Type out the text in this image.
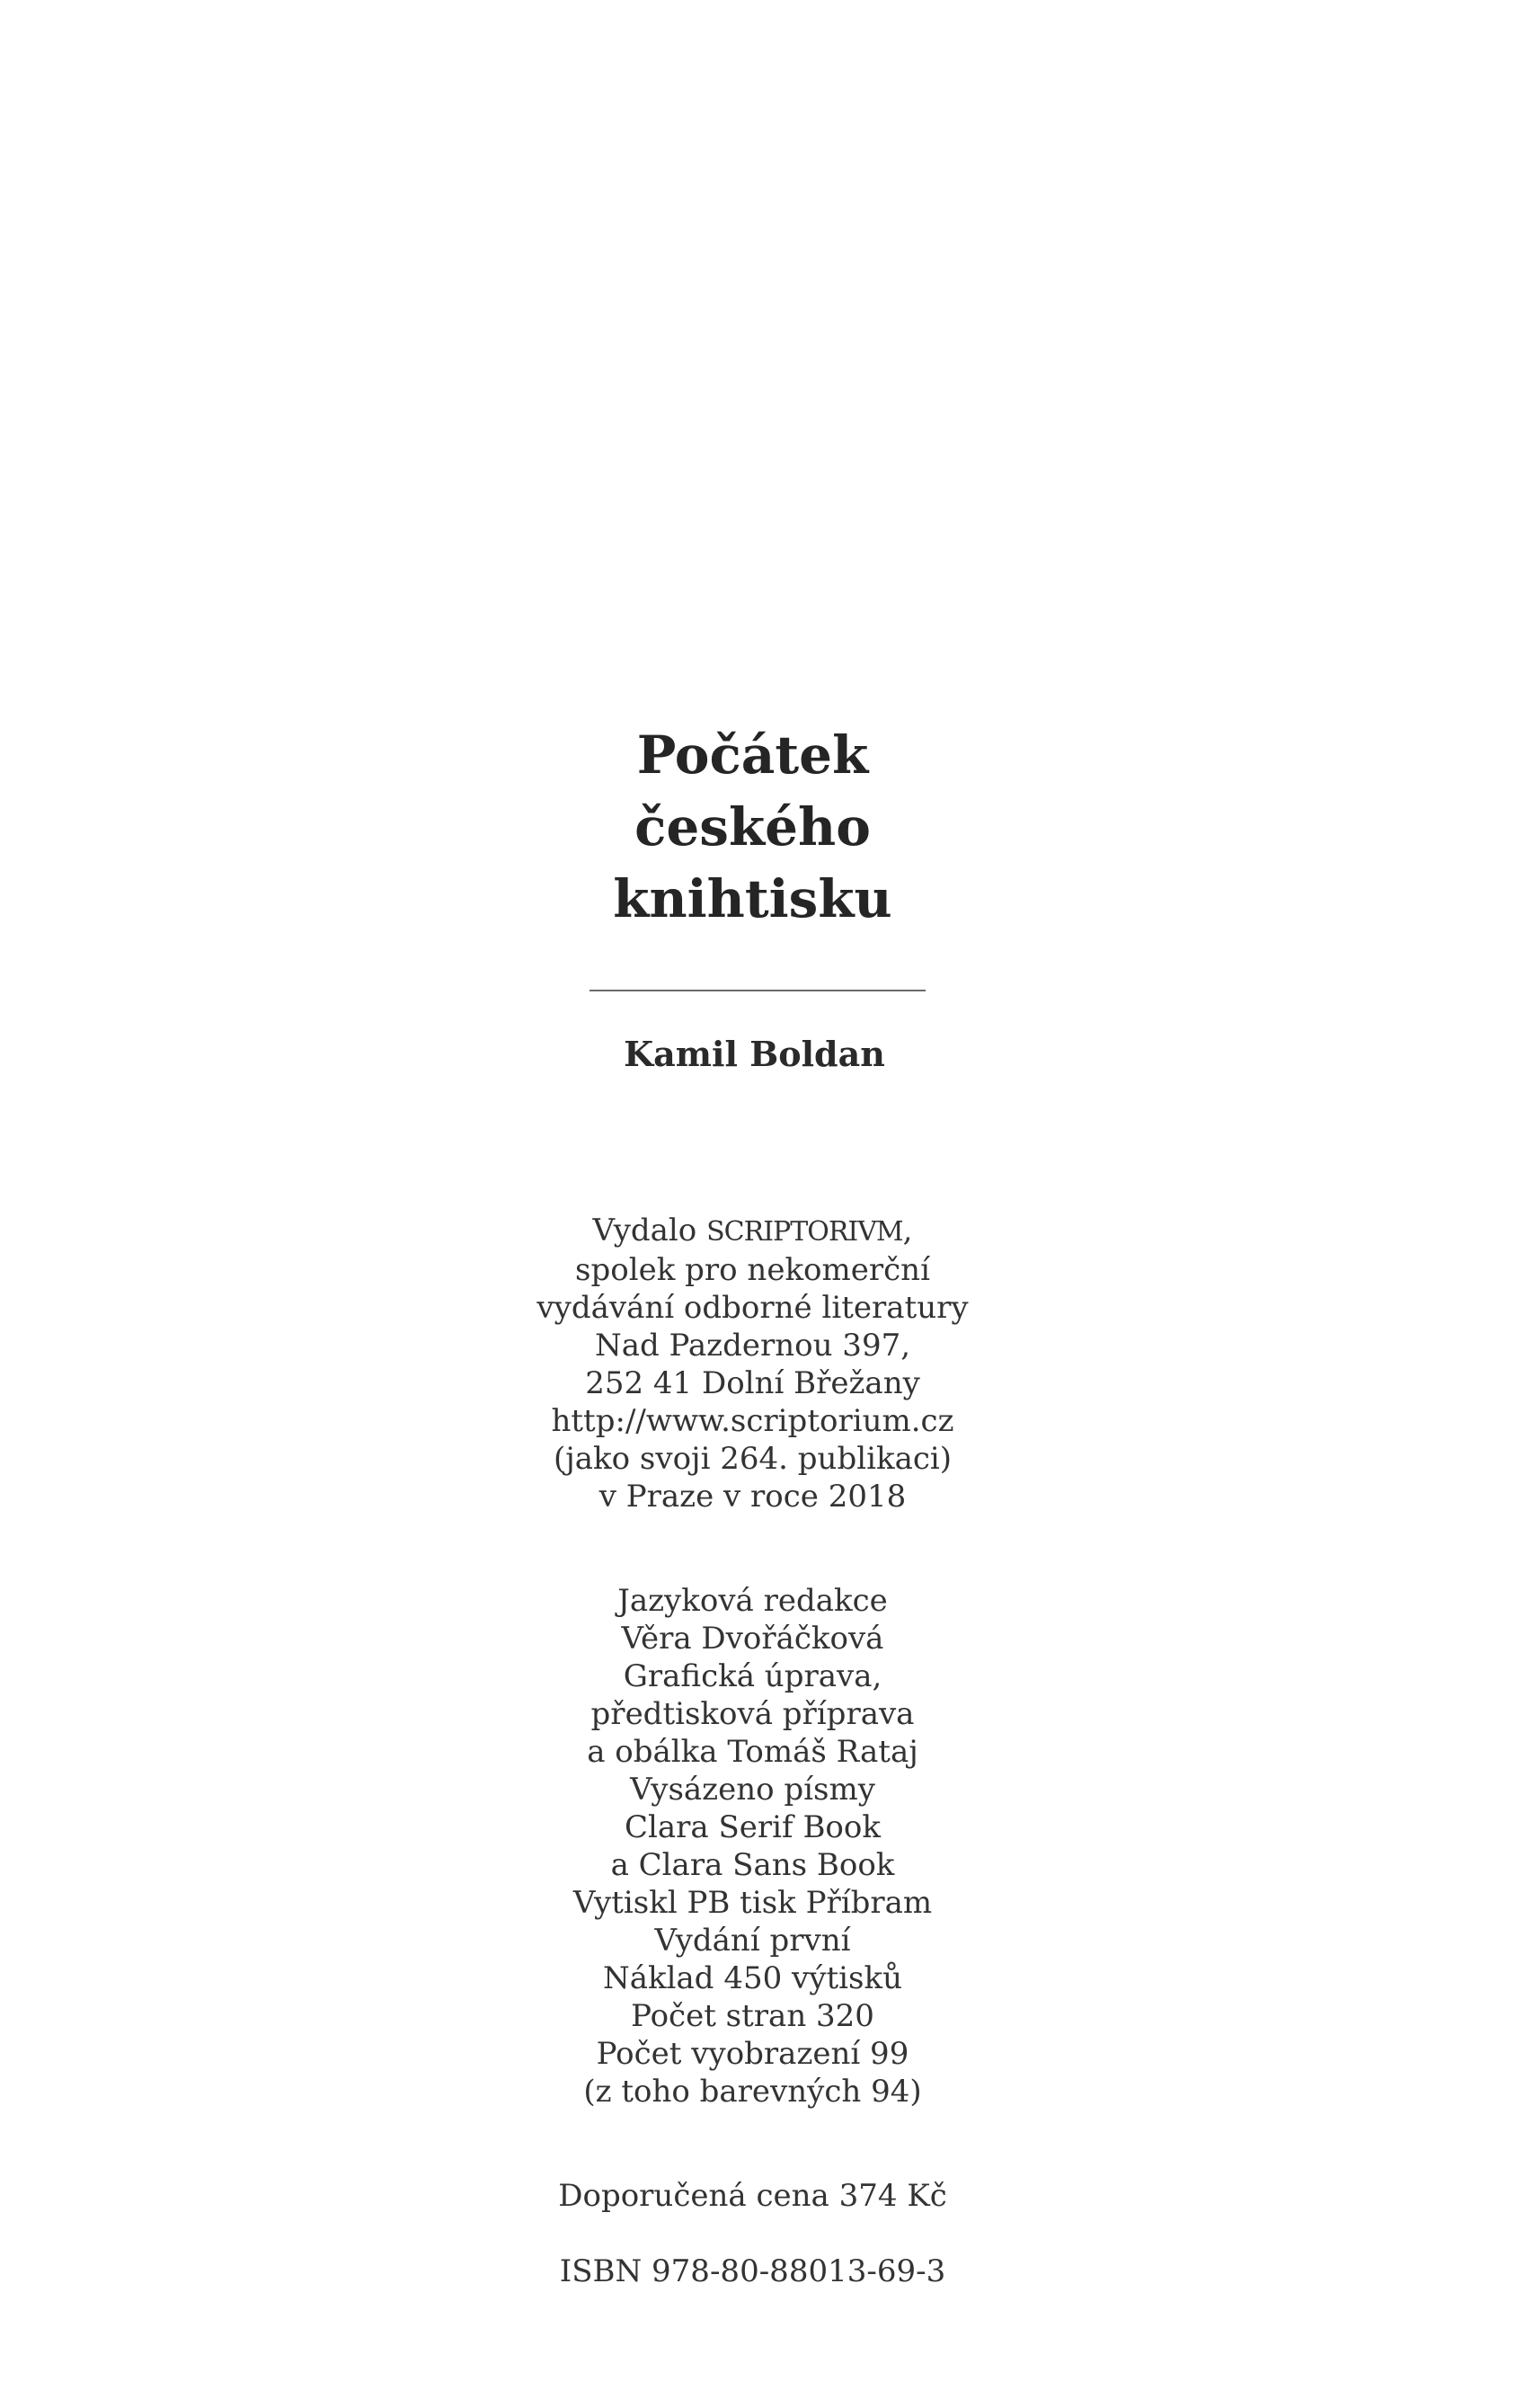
Počátek
českého
knihtisku
Kamil Boldan
Vydalo SCRIPTORIVM,
spolek pro nekomerční
vydávání odborné literatury
Nad Pazdernou 397,
252 41 Dolní Břežany
http://www.scriptorium.cz
(jako svoji 264. publikaci)
v Praze v roce 2018
Jazyková redakce
Věra Dvořáčková
Grafická úprava,
předtisková příprava
a obálka Tomáš Rataj
Vysázeno písmy
Clara Serif Book
a Clara Sans Book
Vytiskl PB tisk Příbram
Vydání první
Náklad 450 výtisků
Počet stran 320
Počet vyobrazení 99
(z toho barevných 94)
Doporučená cena 374 Kč
ISBN 978-80-88013-69-3
